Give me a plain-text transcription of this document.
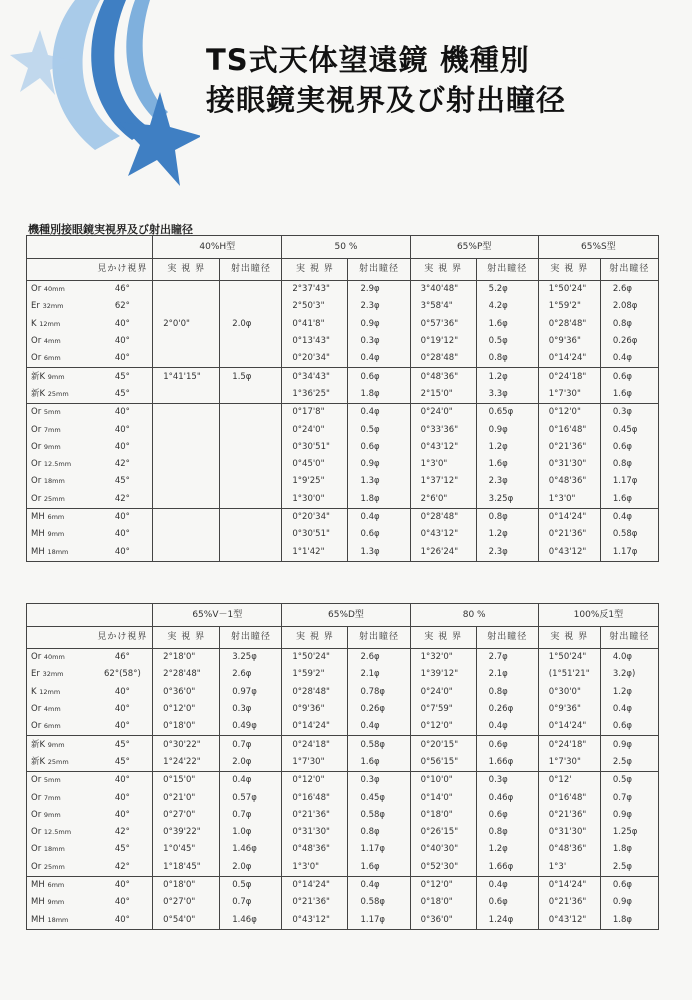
TS式天体望遠鏡 機種別
接眼鏡実視界及び射出瞳径
機種別接眼鏡実視界及び射出瞳径
		40%H型		50 %		65%P型		65%S型	
	見かけ視界	実 視 界	射出瞳径	実 視 界	射出瞳径	実 視 界	射出瞳径	実 視 界	射出瞳径
Or 40mm	46°	2°0'0"	2.0φ	2°37'43"	2.9φ	3°40'48"	5.2φ	1°50'24"	2.6φ
Er 32mm	62°			2°50'3"	2.3φ	3°58'4"	4.2φ	1°59'2"	2.08φ
K 12mm	40°			0°41'8"	0.9φ	0°57'36"	1.6φ	0°28'48"	0.8φ
Or 4mm	40°			0°13'43"	0.3φ	0°19'12"	0.5φ	0°9'36"	0.26φ
Or 6mm	40°			0°20'34"	0.4φ	0°28'48"	0.8φ	0°14'24"	0.4φ
新K 9mm	45°	1°41'15"	1.5φ	0°34'43"	0.6φ	0°48'36"	1.2φ	0°24'18"	0.6φ
新K 25mm	45°			1°36'25"	1.8φ	2°15'0"	3.3φ	1°7'30"	1.6φ
Or 5mm	40°			0°17'8"	0.4φ	0°24'0"	0.65φ	0°12'0"	0.3φ
Or 7mm	40°			0°24'0"	0.5φ	0°33'36"	0.9φ	0°16'48"	0.45φ
Or 9mm	40°			0°30'51"	0.6φ	0°43'12"	1.2φ	0°21'36"	0.6φ
Or 12.5mm	42°			0°45'0"	0.9φ	1°3'0"	1.6φ	0°31'30"	0.8φ
Or 18mm	45°			1°9'25"	1.3φ	1°37'12"	2.3φ	0°48'36"	1.17φ
Or 25mm	42°			1°30'0"	1.8φ	2°6'0"	3.25φ	1°3'0"	1.6φ
MH 6mm	40°			0°20'34"	0.4φ	0°28'48"	0.8φ	0°14'24"	0.4φ
MH 9mm	40°			0°30'51"	0.6φ	0°43'12"	1.2φ	0°21'36"	0.58φ
MH 18mm	40°			1°1'42"	1.3φ	1°26'24"	2.3φ	0°43'12"	1.17φ
		65%V－1型		65%D型		80 %		100%反1型	
	見かけ視界	実 視 界	射出瞳径	実 視 界	射出瞳径	実 視 界	射出瞳径	実 視 界	射出瞳径
Or 40mm	46°	2°18'0"	3.25φ	1°50'24"	2.6φ	1°32'0"	2.7φ	1°50'24"	4.0φ
Er 32mm	62°(58°)	2°28'48"	2.6φ	1°59'2"	2.1φ	1°39'12"	2.1φ	(1°51'21"	3.2φ)
K 12mm	40°	0°36'0"	0.97φ	0°28'48"	0.78φ	0°24'0"	0.8φ	0°30'0"	1.2φ
Or 4mm	40°	0°12'0"	0.3φ	0°9'36"	0.26φ	0°7'59"	0.26φ	0°9'36"	0.4φ
Or 6mm	40°	0°18'0"	0.49φ	0°14'24"	0.4φ	0°12'0"	0.4φ	0°14'24"	0.6φ
新K 9mm	45°	0°30'22"	0.7φ	0°24'18"	0.58φ	0°20'15"	0.6φ	0°24'18"	0.9φ
新K 25mm	45°	1°24'22"	2.0φ	1°7'30"	1.6φ	0°56'15"	1.66φ	1°7'30"	2.5φ
Or 5mm	40°	0°15'0"	0.4φ	0°12'0"	0.3φ	0°10'0"	0.3φ	0°12'	0.5φ
Or 7mm	40°	0°21'0"	0.57φ	0°16'48"	0.45φ	0°14'0"	0.46φ	0°16'48"	0.7φ
Or 9mm	40°	0°27'0"	0.7φ	0°21'36"	0.58φ	0°18'0"	0.6φ	0°21'36"	0.9φ
Or 12.5mm	42°	0°39'22"	1.0φ	0°31'30"	0.8φ	0°26'15"	0.8φ	0°31'30"	1.25φ
Or 18mm	45°	1°0'45"	1.46φ	0°48'36"	1.17φ	0°40'30"	1.2φ	0°48'36"	1.8φ
Or 25mm	42°	1°18'45"	2.0φ	1°3'0"	1.6φ	0°52'30"	1.66φ	1°3'	2.5φ
MH 6mm	40°	0°18'0"	0.5φ	0°14'24"	0.4φ	0°12'0"	0.4φ	0°14'24"	0.6φ
MH 9mm	40°	0°27'0"	0.7φ	0°21'36"	0.58φ	0°18'0"	0.6φ	0°21'36"	0.9φ
MH 18mm	40°	0°54'0"	1.46φ	0°43'12"	1.17φ	0°36'0"	1.24φ	0°43'12"	1.8φ
